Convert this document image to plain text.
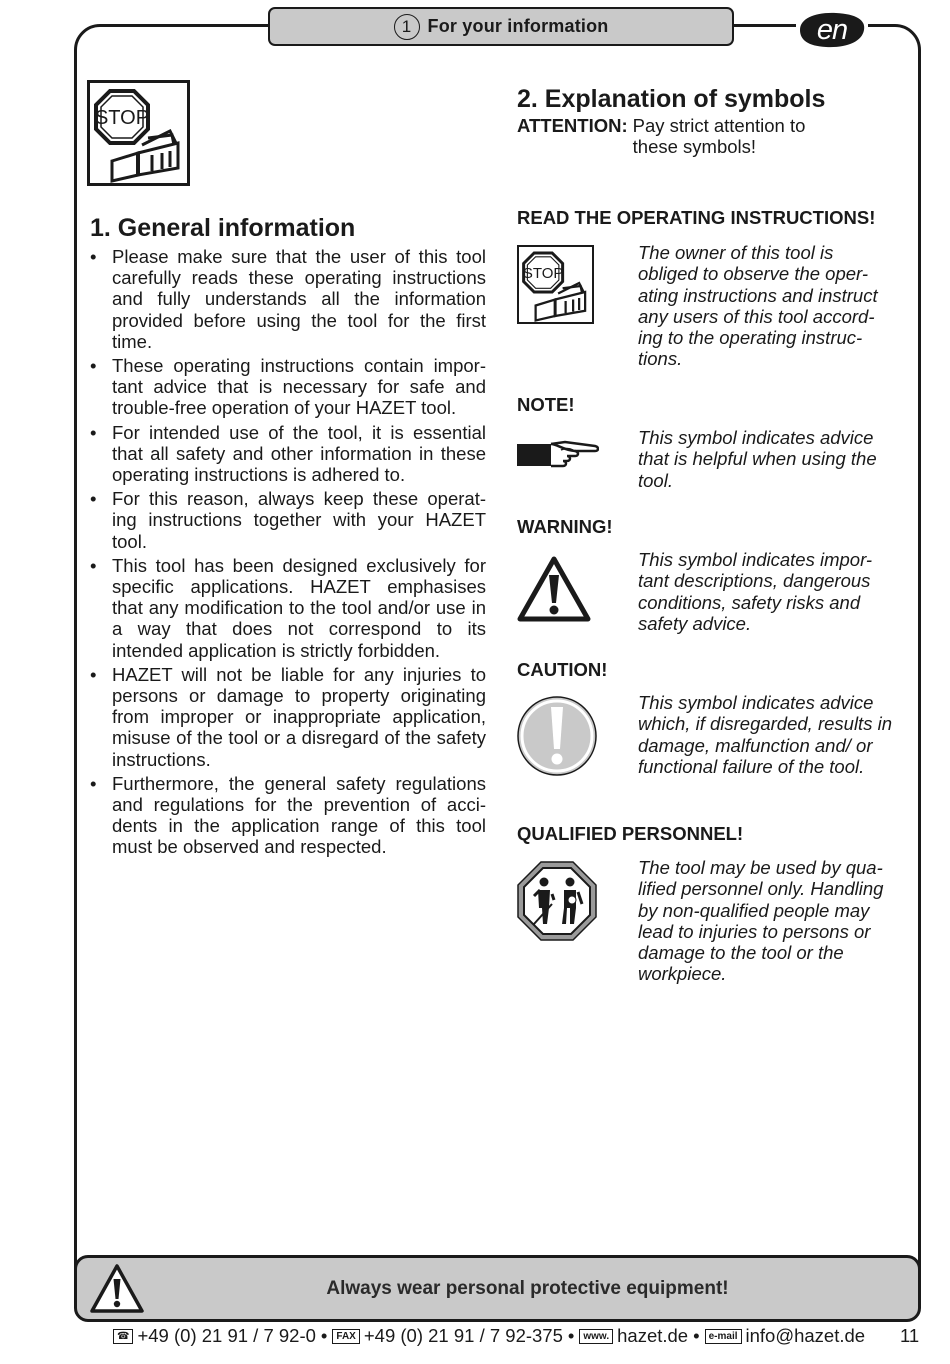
1 For your information	en
STOP
1. General information
• Please make sure that the user of this tool carefully reads these operating instructions and fully understands all the information provided before using the tool for the first time.
• These operating instructions contain impor-tant advice that is necessary for safe and trouble-free operation of your HAZET tool.
• For intended use of the tool, it is essential that all safety and other information in these operating instructions is adhered to.
• For this reason, always keep these operat-ing instructions together with your HAZET tool.
• This tool has been designed exclusively for specific applications. HAZET emphasises that any modification to the tool and/or use in a way that does not correspond to its intended application is strictly forbidden.
• HAZET will not be liable for any injuries to persons or damage to property originating from improper or inappropriate application, misuse of the tool or a disregard of the safety instructions.
• Furthermore, the general safety regulations and regulations for the prevention of acci-dents in the application range of this tool must be observed and respected.
2. Explanation of symbols
ATTENTION: Pay strict attention to these symbols!
READ THE OPERATING INSTRUCTIONS!
STOP
The owner of this tool is obliged to observe the oper-ating instructions and instruct any users of this tool accord-ing to the operating instruc-tions.
NOTE!
This symbol indicates advice that is helpful when using the tool.
WARNING!
This symbol indicates impor-tant descriptions, dangerous conditions, safety risks and safety advice.
CAUTION!
This symbol indicates advice which, if disregarded, results in damage, malfunction and/ or functional failure of the tool.
QUALIFIED PERSONNEL!
The tool may be used by qua-lified personnel only. Handling by non-qualified people may lead to injuries to persons or damage to the tool or the workpiece.
Always wear personal protective equipment!
☎ +49 (0) 21 91 / 7 92-0 • FAX +49 (0) 21 91 / 7 92-375 • www. hazet.de • e-mail info@hazet.de 11
